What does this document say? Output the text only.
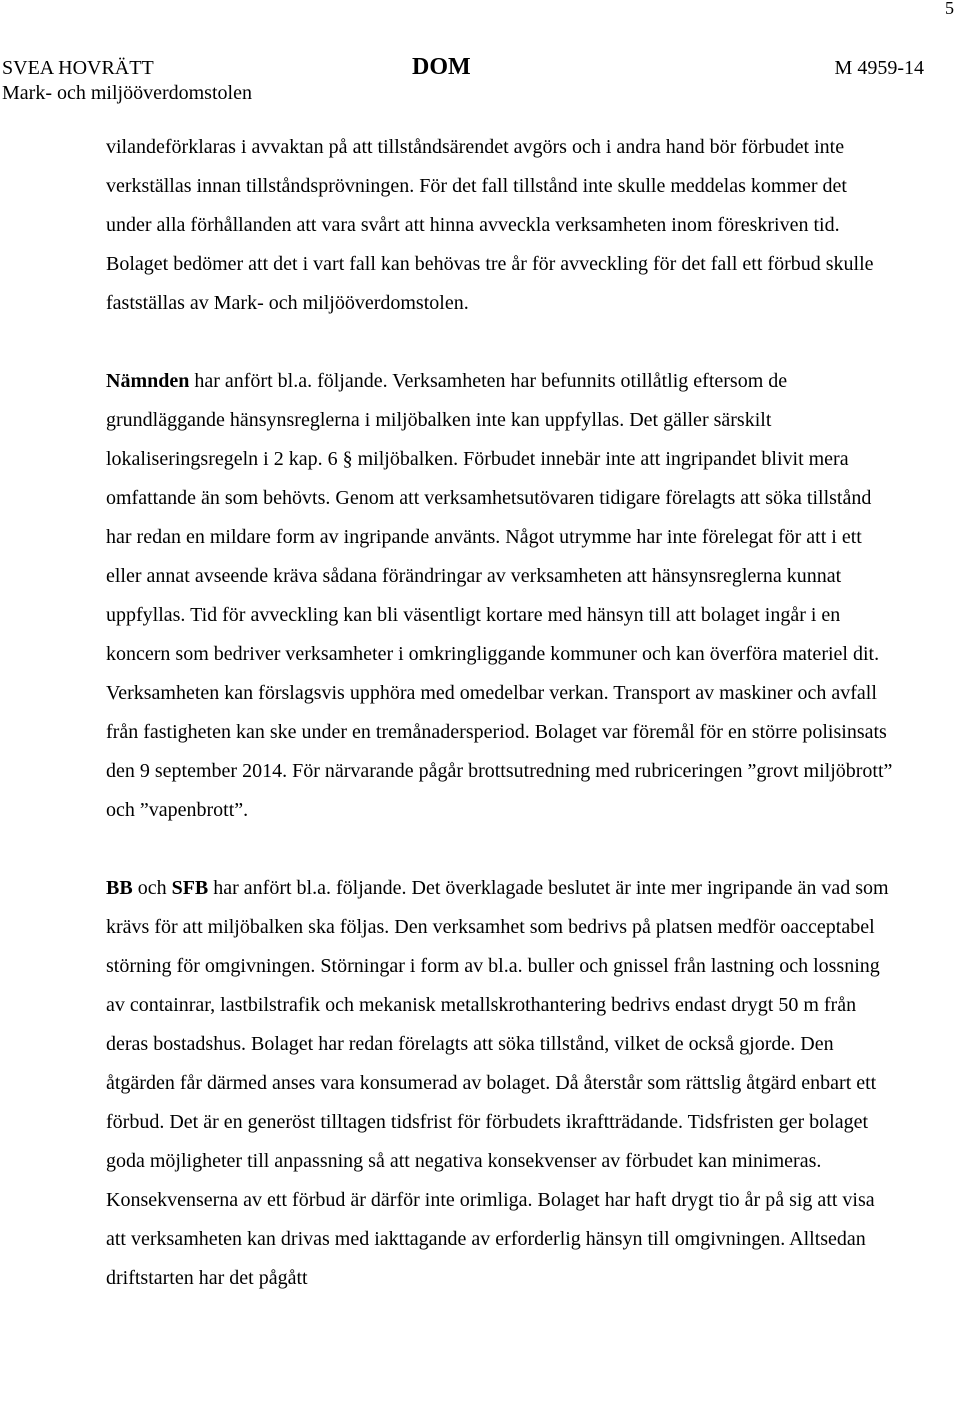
5
SVEA HOVRÄTT
Mark- och miljööverdomstolen
DOM	M 4959-14

vilandeförklaras i avvaktan på att tillståndsärendet avgörs och i andra hand bör förbudet inte verkställas innan tillståndsprövningen. För det fall tillstånd inte skulle meddelas kommer det under alla förhållanden att vara svårt att hinna avveckla verksamheten inom föreskriven tid. Bolaget bedömer att det i vart fall kan behövas tre år för avveckling för det fall ett förbud skulle fastställas av Mark- och miljööverdomstolen.

Nämnden har anfört bl.a. följande. Verksamheten har befunnits otillåtlig eftersom de grundläggande hänsynsreglerna i miljöbalken inte kan uppfyllas. Det gäller särskilt lokaliseringsregeln i 2 kap. 6 § miljöbalken. Förbudet innebär inte att ingripandet blivit mera omfattande än som behövts. Genom att verksamhetsutövaren tidigare förelagts att söka tillstånd har redan en mildare form av ingripande använts. Något utrymme har inte förelegat för att i ett eller annat avseende kräva sådana förändringar av verksamheten att hänsynsreglerna kunnat uppfyllas. Tid för avveckling kan bli väsentligt kortare med hänsyn till att bolaget ingår i en koncern som bedriver verksamheter i omkringliggande kommuner och kan överföra materiel dit. Verksamheten kan förslagsvis upphöra med omedelbar verkan. Transport av maskiner och avfall från fastigheten kan ske under en tremånadersperiod. Bolaget var föremål för en större polisinsats den 9 september 2014. För närvarande pågår brottsutredning med rubriceringen ”grovt miljöbrott” och ”vapenbrott”.

BB och SFB har anfört bl.a. följande. Det överklagade beslutet är inte mer ingripande än vad som krävs för att miljöbalken ska följas. Den verksamhet som bedrivs på platsen medför oacceptabel störning för omgivningen. Störningar i form av bl.a. buller och gnissel från lastning och lossning av containrar, lastbilstrafik och mekanisk metallskrothantering bedrivs endast drygt 50 m från deras bostadshus. Bolaget har redan förelagts att söka tillstånd, vilket de också gjorde. Den åtgärden får därmed anses vara konsumerad av bolaget. Då återstår som rättslig åtgärd enbart ett förbud. Det är en generöst tilltagen tidsfrist för förbudets ikraftträdande. Tidsfristen ger bolaget goda möjligheter till anpassning så att negativa konsekvenser av förbudet kan minimeras. Konsekvenserna av ett förbud är därför inte orimliga. Bolaget har haft drygt tio år på sig att visa att verksamheten kan drivas med iakttagande av erforderlig hänsyn till omgivningen. Alltsedan driftstarten har det pågått
